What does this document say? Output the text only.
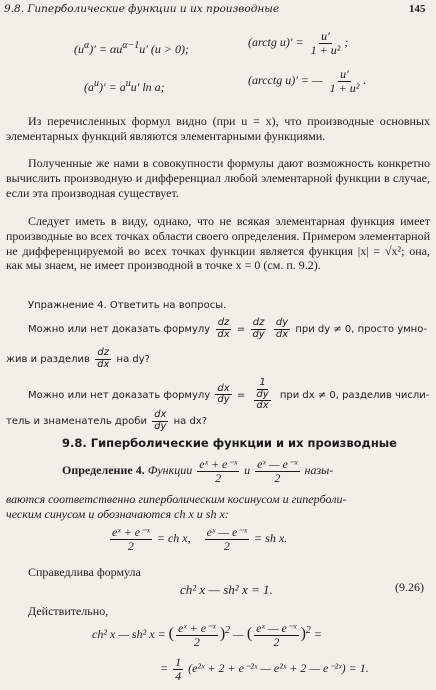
9.8. Гиперболические функции и их производные	145
$(u^\alpha)' = \alpha u^{\alpha-1}u'$ (u > 0);
(arctg $u)' = \frac{u'}{\text{1 + u²}}$ ;
$(a^u)' = a^uu'$ ln a;
(arcctg u)′ = — $\frac{u'}{\text{1 + u²}}$ .
Из перечисленных формул видно (при u = x), что производные основных элементарных функций являются элементарными функциями.
Полученные же нами в совокупности формулы дают возможность конкретно вычислить производную и дифференциал любой элементарной функции в случае, если эта производная существует.
Следует иметь в виду, однако, что не всякая элементарная функция имеет производные во всех точках области своего определения. Примером элементарной не дифференцируемой во всех точках функции является функция |x| = √x²; она, как мы знаем, не имеет производной в точке x = 0 (см. п. 9.2).
Упражнение 4. Ответить на вопросы.
Можно или нет доказать формулу $\frac{dz}{dx} = \frac{dz}{dy}$
$\frac{dy}{dx}$ при dy ≠ 0, просто умно-
жив и разделив $\frac{dz}{dx}$ на dy?
Можно или нет доказать формулу $\frac{dx}{dy} = \frac{1}{\frac{dy}{dx}}$ при dx ≠ 0, разделив числи-
тель и знаменатель дроби $\frac{dx}{dy}$ на dx?
9.8. Гиперболические функции и их производные
Определение 4. Функции $\frac{\text{eˣ + e⁻ˣ}}{2}$ и $\frac{\text{eˣ — e⁻ˣ}}{2}$ назы-
ваются соответственно гиперболическим косинусом и гиперболи-
ческим синусом и обозначаются ch x и sh x:
$\frac{\text{eˣ + e⁻ˣ}}{2}$ = ch x, $\frac{\text{eˣ — e⁻ˣ}}{2}$ = sh x.
Справедлива формула
ch² x — sh² x = 1.	(9.26)
Действительно,
ch² x — sh² x = ( $\frac{\text{eˣ + e⁻ˣ}}{2} )^2$ — ( $\frac{\text{eˣ — e⁻ˣ}}{2} )^2$ =
= $\frac{1}{4}$ (e²ˣ + 2 + e⁻²ˣ — e²ˣ + 2 — e⁻²ˣ) = 1.
